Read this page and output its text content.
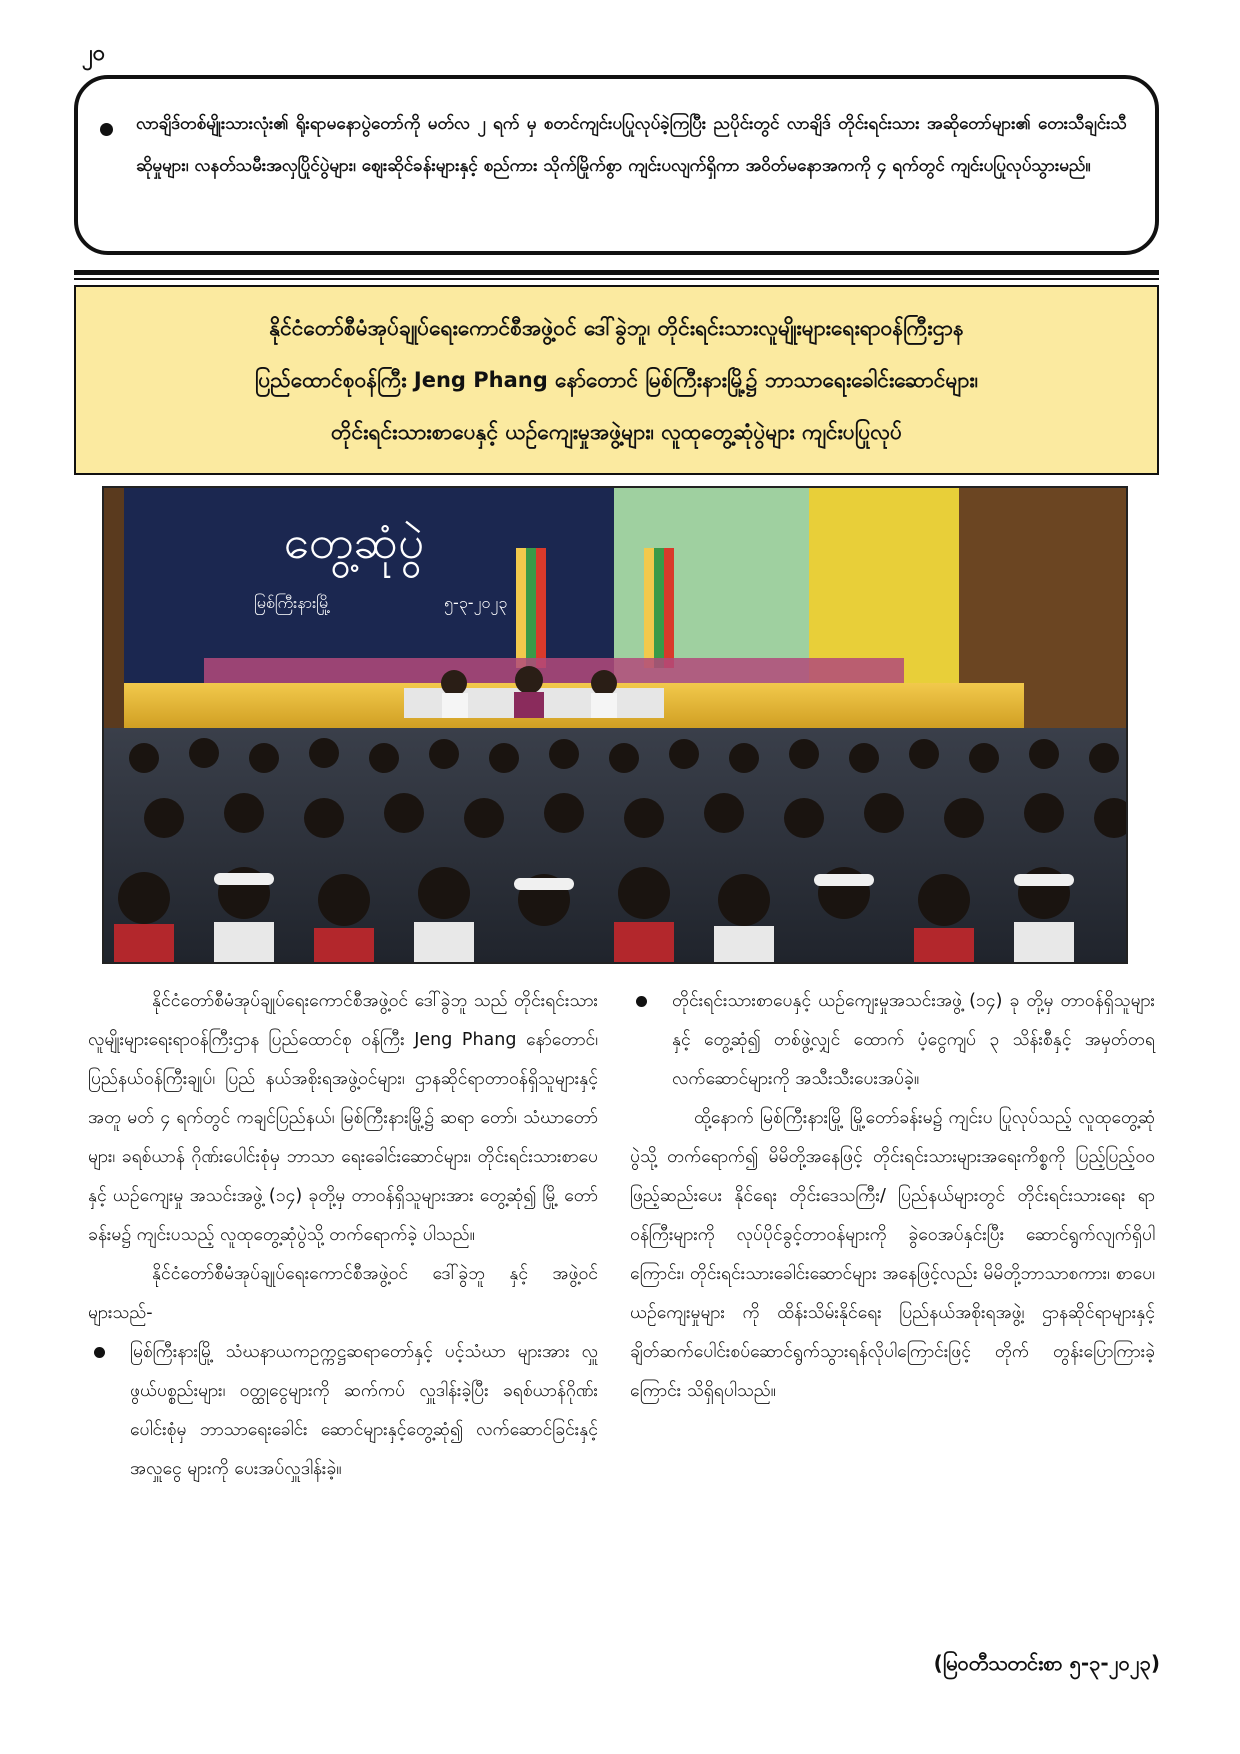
၂၀
လာချိဒ်တစ်မျိုးသားလုံး၏ ရိုးရာမနောပွဲတော်ကို မတ်လ ၂ ရက် မှ စတင်ကျင်းပပြုလုပ်ခဲ့ကြပြီး ညပိုင်းတွင် လာချိဒ် တိုင်းရင်းသား အဆိုတော်များ၏ တေးသီချင်းသီဆိုမှုများ၊ လနတ်သမီးအလှပြိုင်ပွဲများ၊ ဈေးဆိုင်ခန်းများနှင့် စည်ကား သိုက်မြိုက်စွာ ကျင်းပလျက်ရှိကာ အဝိတ်မနောအကကို ၄ ရက်တွင် ကျင်းပပြုလုပ်သွားမည်။
နိုင်ငံတော်စီမံအုပ်ချုပ်ရေးကောင်စီအဖွဲ့ဝင် ဒေါ်ခွဲဘူ၊ တိုင်းရင်းသားလူမျိုးများရေးရာဝန်ကြီးဌာန
ပြည်ထောင်စုဝန်ကြီး Jeng Phang နော်တောင် မြစ်ကြီးနားမြို့၌ ဘာသာရေးခေါင်းဆောင်များ၊
တိုင်းရင်းသားစာပေနှင့် ယဉ်ကျေးမှုအဖွဲ့များ၊ လူထုတွေ့ဆုံပွဲများ ကျင်းပပြုလုပ်
တွေ့ဆုံပွဲ
မြစ်ကြီးနားမြို့	၅-၃-၂၀၂၃

နိုင်ငံတော်စီမံအုပ်ချုပ်ရေးကောင်စီအဖွဲ့ဝင် ဒေါ်ခွဲဘူ သည် တိုင်းရင်းသားလူမျိုးများရေးရာဝန်ကြီးဌာန ပြည်ထောင်စု ဝန်ကြီး Jeng Phang နော်တောင်၊ ပြည်နယ်ဝန်ကြီးချုပ်၊ ပြည် နယ်အစိုးရအဖွဲ့ဝင်များ၊ ဌာနဆိုင်ရာတာဝန်ရှိသူများနှင့်အတူ မတ် ၄ ရက်တွင် ကချင်ပြည်နယ်၊ မြစ်ကြီးနားမြို့၌ ဆရာ တော်၊ သံဃာတော်များ၊ ခရစ်ယာန် ဂိုဏ်းပေါင်းစုံမှ ဘာသာ ရေးခေါင်းဆောင်များ၊ တိုင်းရင်းသားစာပေနှင့် ယဉ်ကျေးမှု အသင်းအဖွဲ့ (၁၄) ခုတို့မှ တာဝန်ရှိသူများအား တွေ့ဆုံ၍ မြို့ တော်ခန်းမ၌ ကျင်းပသည့် လူထုတွေ့ဆုံပွဲသို့ တက်ရောက်ခဲ့ ပါသည်။

နိုင်ငံတော်စီမံအုပ်ချုပ်ရေးကောင်စီအဖွဲ့ဝင် ဒေါ်ခွဲဘူ နှင့် အဖွဲ့ဝင်များသည်-

မြစ်ကြီးနားမြို့ သံဃနာယကဥက္ကဋ္ဌဆရာတော်နှင့် ပင့်သံဃာ များအား လှူဖွယ်ပစ္စည်းများ၊ ဝတ္ထုငွေများကို ဆက်ကပ် လှူဒါန်းခဲ့ပြီး ခရစ်ယာန်ဂိုဏ်းပေါင်းစုံမှ ဘာသာရေးခေါင်း ဆောင်များနှင့်တွေ့ဆုံ၍ လက်ဆောင်ခြင်းနှင့် အလှူငွေ များကို ပေးအပ်လှူဒါန်းခဲ့။

တိုင်းရင်းသားစာပေနှင့် ယဉ်ကျေးမှုအသင်းအဖွဲ့ (၁၄) ခု တို့မှ တာဝန်ရှိသူများနှင့် တွေ့ဆုံ၍ တစ်ဖွဲ့လျှင် ထောက် ပံ့ငွေကျပ် ၃ သိန်းစီနှင့် အမှတ်တရလက်ဆောင်များကို အသီးသီးပေးအပ်ခဲ့။

ထို့နောက် မြစ်ကြီးနားမြို့ မြို့တော်ခန်းမ၌ ကျင်းပ ပြုလုပ်သည့် လူထုတွေ့ဆုံပွဲသို့ တက်ရောက်၍ မိမိတို့အနေဖြင့် တိုင်းရင်းသားများအရေးကိစ္စကို ပြည့်ပြည့်ဝဝ ဖြည့်ဆည်းပေး နိုင်ရေး တိုင်းဒေသကြီး/ ပြည်နယ်များတွင် တိုင်းရင်းသားရေး ရာဝန်ကြီးများကို လုပ်ပိုင်ခွင့်တာဝန်များကို ခွဲဝေအပ်နှင်းပြီး ဆောင်ရွက်လျက်ရှိပါကြောင်း၊ တိုင်းရင်းသားခေါင်းဆောင်များ အနေဖြင့်လည်း မိမိတို့ဘာသာစကား၊ စာပေ၊ ယဉ်ကျေးမှုများ ကို ထိန်းသိမ်းနိုင်ရေး ပြည်နယ်အစိုးရအဖွဲ့၊ ဌာနဆိုင်ရာများနှင့် ချိတ်ဆက်ပေါင်းစပ်ဆောင်ရွက်သွားရန်လိုပါကြောင်းဖြင့် တိုက် တွန်းပြောကြားခဲ့ကြောင်း သိရှိရပါသည်။

(မြဝတီသတင်းစာ ၅-၃-၂၀၂၃)
